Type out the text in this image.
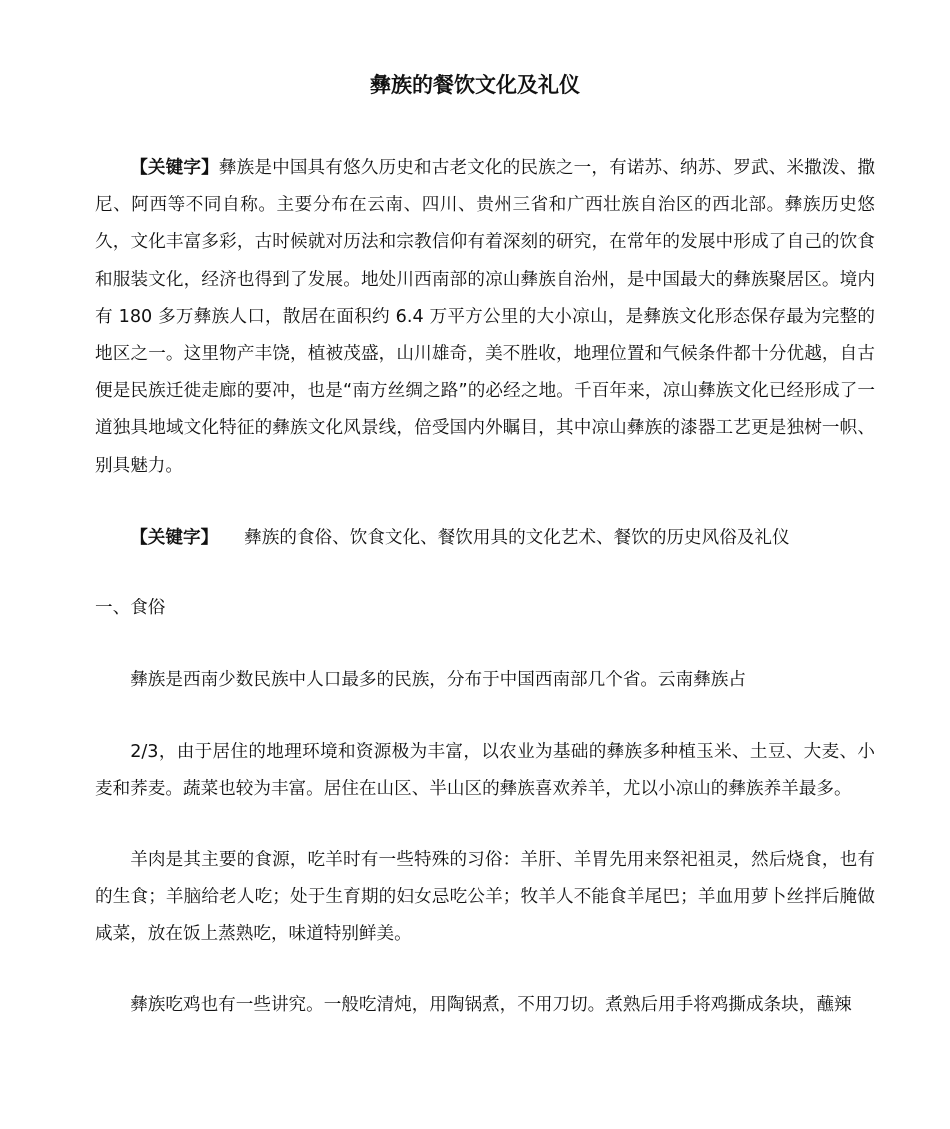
彝族的餐饮文化及礼仪

【关键字】彝族是中国具有悠久历史和古老文化的民族之一，有诺苏、纳苏、罗武、米撒泼、撒尼、阿西等不同自称。主要分布在云南、四川、贵州三省和广西壮族自治区的西北部。彝族历史悠久，文化丰富多彩，古时候就对历法和宗教信仰有着深刻的研究，在常年的发展中形成了自己的饮食和服装文化，经济也得到了发展。地处川西南部的凉山彝族自治州，是中国最大的彝族聚居区。境内有 180 多万彝族人口，散居在面积约 6.4 万平方公里的大小凉山，是彝族文化形态保存最为完整的地区之一。这里物产丰饶，植被茂盛，山川雄奇，美不胜收，地理位置和气候条件都十分优越，自古便是民族迁徙走廊的要冲，也是“南方丝绸之路”的必经之地。千百年来，凉山彝族文化已经形成了一道独具地域文化特征的彝族文化风景线，倍受国内外瞩目，其中凉山彝族的漆器工艺更是独树一帜、别具魅力。

【关键字】 彝族的食俗、饮食文化、餐饮用具的文化艺术、餐饮的历史风俗及礼仪

一、食俗

彝族是西南少数民族中人口最多的民族，分布于中国西南部几个省。云南彝族占

2/3，由于居住的地理环境和资源极为丰富，以农业为基础的彝族多种植玉米、土豆、大麦、小麦和荞麦。蔬菜也较为丰富。居住在山区、半山区的彝族喜欢养羊，尤以小凉山的彝族养羊最多。

羊肉是其主要的食源，吃羊时有一些特殊的习俗：羊肝、羊胃先用来祭祀祖灵，然后烧食，也有的生食；羊脑给老人吃；处于生育期的妇女忌吃公羊；牧羊人不能食羊尾巴；羊血用萝卜丝拌后腌做咸菜，放在饭上蒸熟吃，味道特别鲜美。

彝族吃鸡也有一些讲究。一般吃清炖，用陶锅煮，不用刀切。煮熟后用手将鸡撕成条块，蘸辣
